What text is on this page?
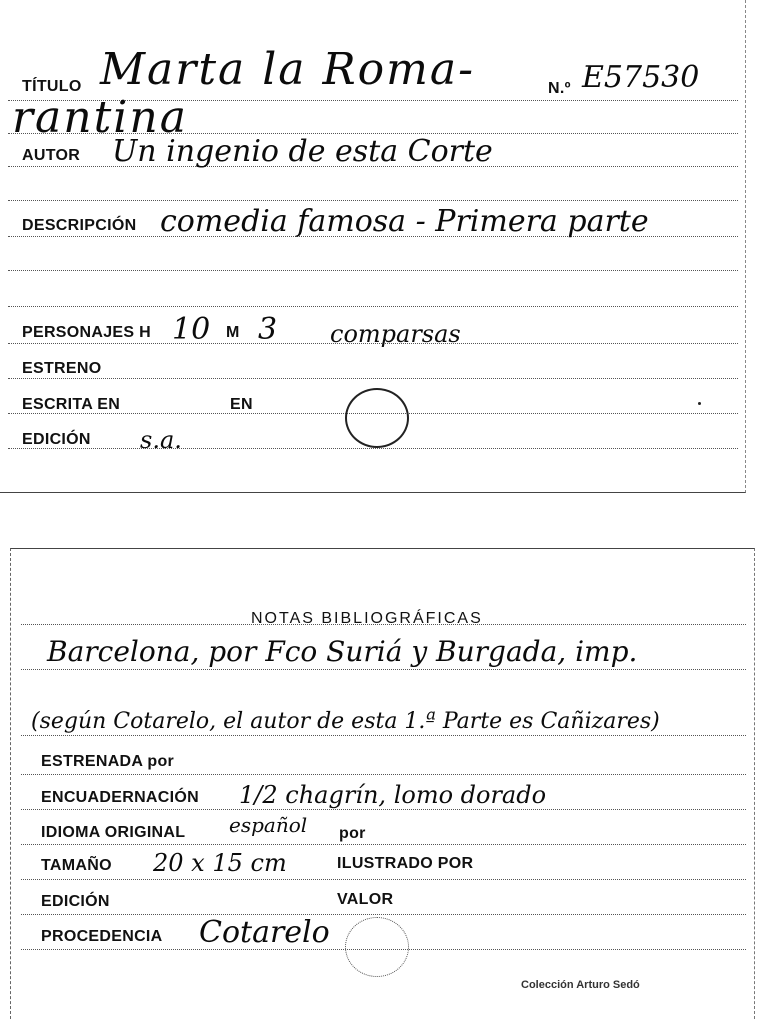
TÍTULO Marta la Roma-	N.º E57530
rantina
AUTOR Un ingenio de esta Corte
DESCRIPCIÓN comedia famosa - Primera parte
PERSONAJES H 10 M 3 comparsas
ESTRENO
ESCRITA EN	EN
EDICIÓN s.a.
NOTAS BIBLIOGRÁFICAS
Barcelona, por Fco Suriá y Burgada, imp.
(según Cotarelo, el autor de esta 1.ª Parte es Cañizares)
ESTRENADA por
ENCUADERNACIÓN 1/2 chagrín, lomo dorado
IDIOMA ORIGINAL español por
TAMAÑO 20 x 15 cm	ILUSTRADO POR
EDICIÓN	VALOR
PROCEDENCIA Cotarelo
Colección Arturo Sedó
